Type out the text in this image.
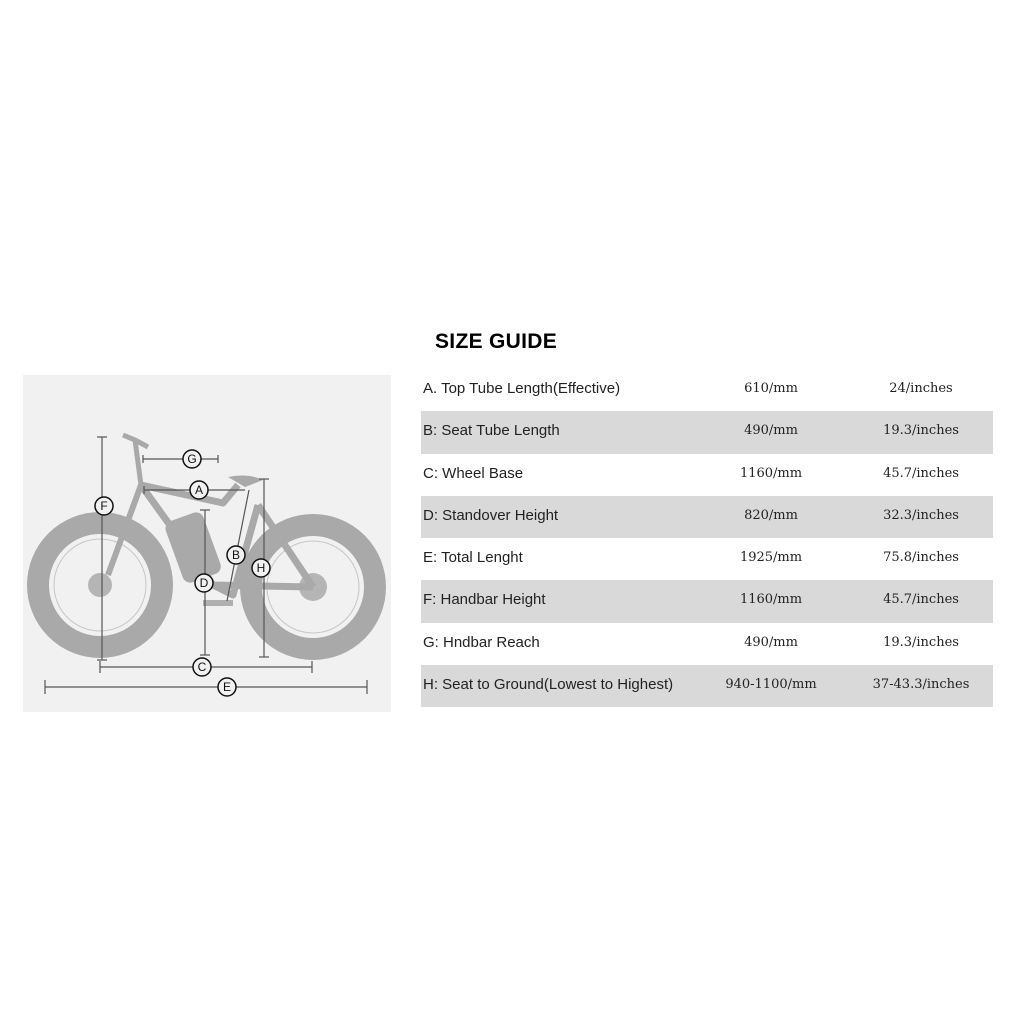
SIZE GUIDE
G
A
F
B
H
D
C
E
A. Top Tube Length(Effective)	610/mm	24/inches
B: Seat Tube Length	490/mm	19.3/inches
C: Wheel Base	1160/mm	45.7/inches
D: Standover Height	820/mm	32.3/inches
E: Total Lenght	1925/mm	75.8/inches
F: Handbar Height	1160/mm	45.7/inches
G: Hndbar Reach	490/mm	19.3/inches
H: Seat to Ground(Lowest to Highest)	940-1100/mm	37-43.3/inches
